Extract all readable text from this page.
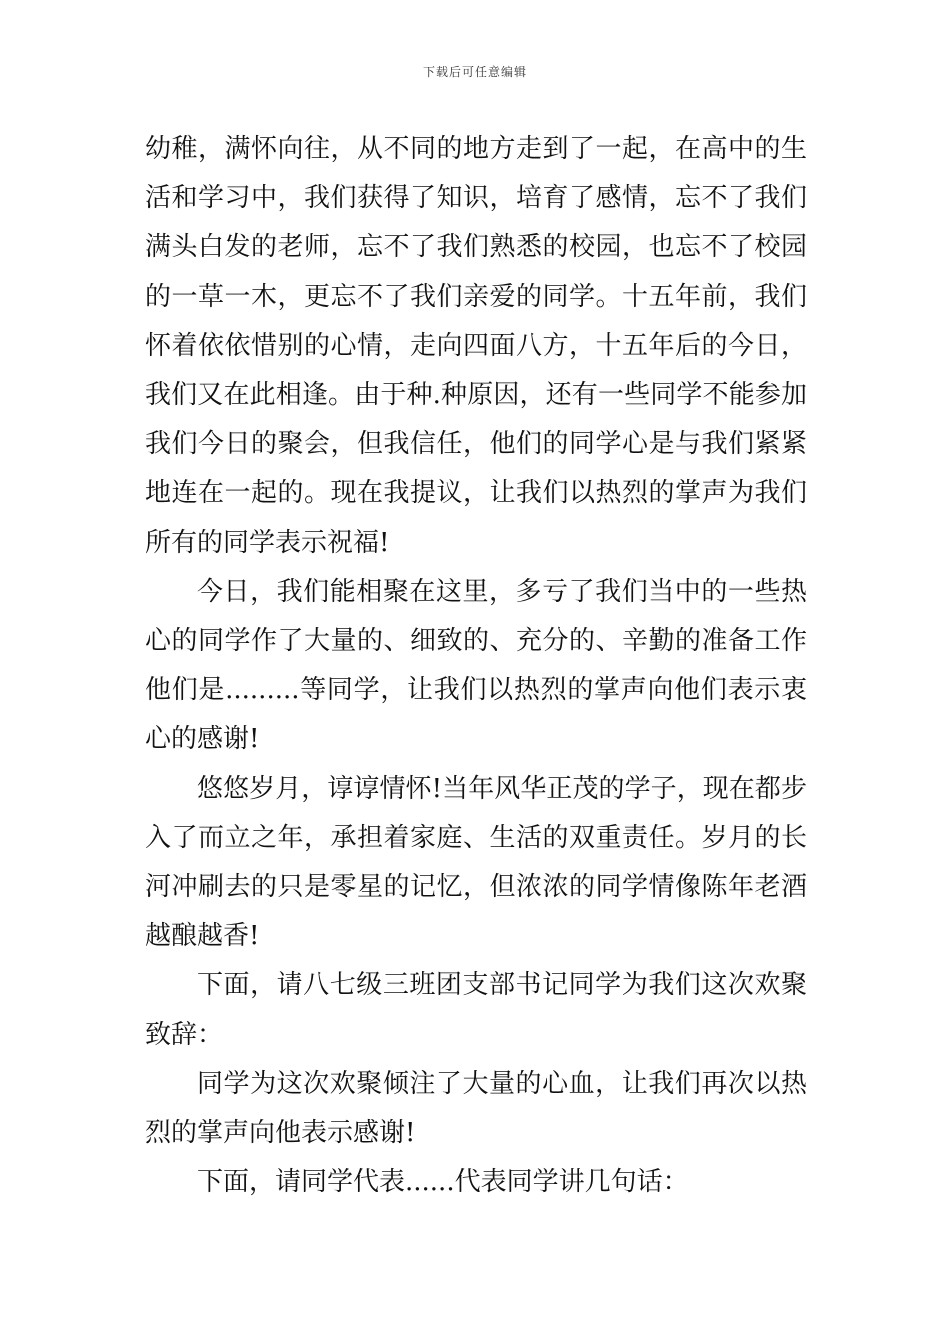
下载后可任意编辑

幼稚，满怀向往，从不同的地方走到了一起，在高中的生活和学习中，我们获得了知识，培育了感情，忘不了我们满头白发的老师，忘不了我们熟悉的校园，也忘不了校园的一草一木，更忘不了我们亲爱的同学。十五年前，我们怀着依依惜别的心情，走向四面八方，十五年后的今日，我们又在此相逢。由于种.种原因，还有一些同学不能参加我们今日的聚会，但我信任，他们的同学心是与我们紧紧地连在一起的。现在我提议，让我们以热烈的掌声为我们所有的同学表示祝福!

今日，我们能相聚在这里，多亏了我们当中的一些热心的同学作了大量的、细致的、充分的、辛勤的准备工作他们是.........等同学，让我们以热烈的掌声向他们表示衷心的感谢!

悠悠岁月，谆谆情怀!当年风华正茂的学子，现在都步入了而立之年，承担着家庭、生活的双重责任。岁月的长河冲刷去的只是零星的记忆，但浓浓的同学情像陈年老酒越酿越香!

下面，请八七级三班团支部书记同学为我们这次欢聚致辞：

同学为这次欢聚倾注了大量的心血，让我们再次以热烈的掌声向他表示感谢!

下面，请同学代表......代表同学讲几句话：
